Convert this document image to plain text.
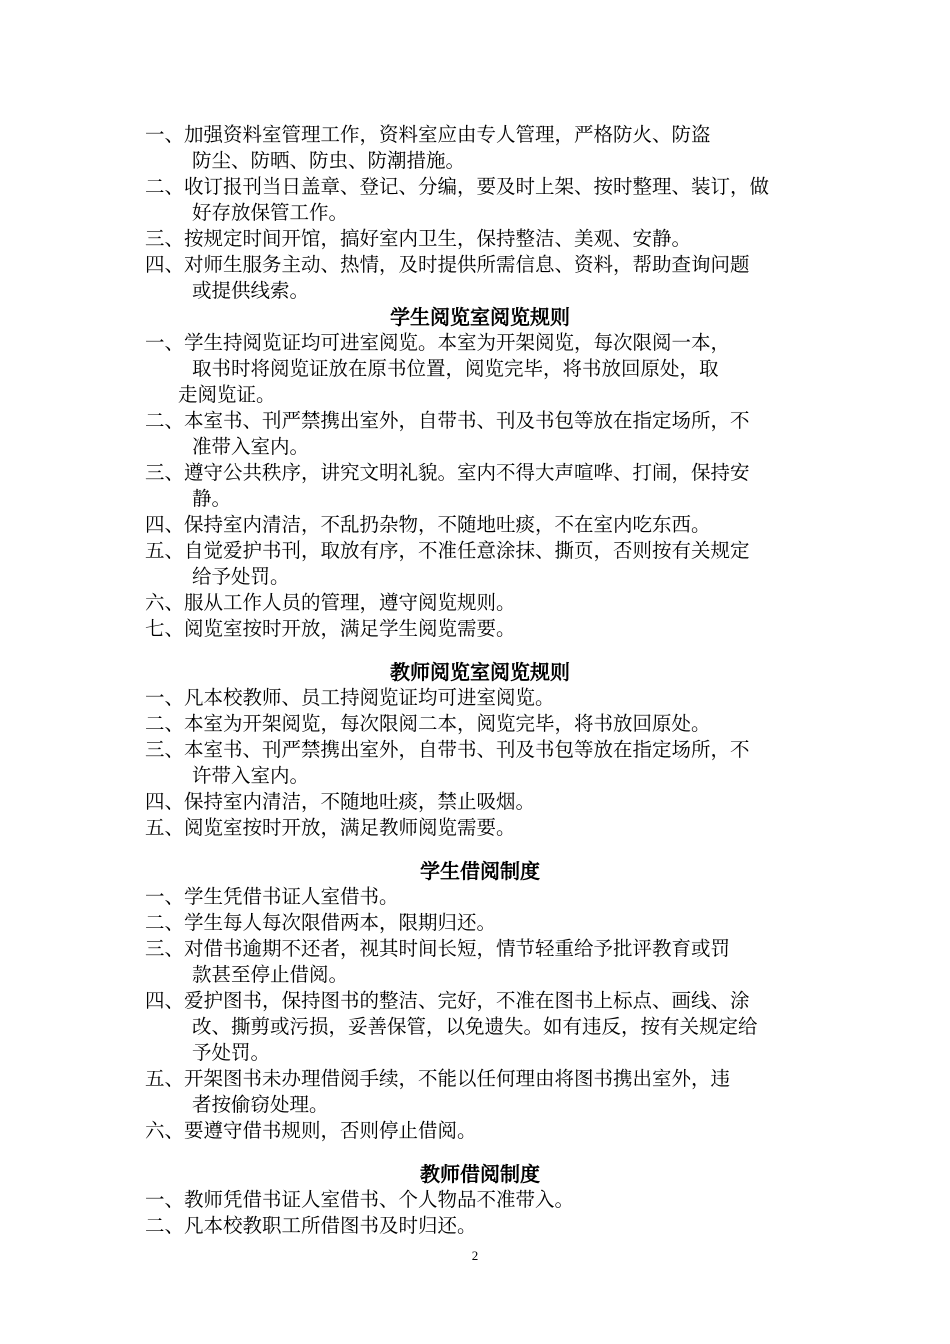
一、加强资料室管理工作，资料室应由专人管理，严格防火、防盗

防尘、防晒、防虫、防潮措施。

二、收订报刊当日盖章、登记、分编，要及时上架、按时整理、装订，做

好存放保管工作。

三、按规定时间开馆，搞好室内卫生，保持整洁、美观、安静。

四、对师生服务主动、热情，及时提供所需信息、资料，帮助查询问题

或提供线索。

学生阅览室阅览规则

一、学生持阅览证均可进室阅览。本室为开架阅览，每次限阅一本，

取书时将阅览证放在原书位置，阅览完毕，将书放回原处，取

走阅览证。

二、本室书、刊严禁携出室外，自带书、刊及书包等放在指定场所，不

准带入室内。

三、遵守公共秩序，讲究文明礼貌。室内不得大声喧哗、打闹，保持安

静。

四、保持室内清洁，不乱扔杂物，不随地吐痰，不在室内吃东西。

五、自觉爱护书刊，取放有序，不准任意涂抹、撕页，否则按有关规定

给予处罚。

六、服从工作人员的管理，遵守阅览规则。

七、阅览室按时开放，满足学生阅览需要。

教师阅览室阅览规则

一、凡本校教师、员工持阅览证均可进室阅览。

二、本室为开架阅览，每次限阅二本，阅览完毕，将书放回原处。

三、本室书、刊严禁携出室外，自带书、刊及书包等放在指定场所，不

许带入室内。

四、保持室内清洁，不随地吐痰，禁止吸烟。

五、阅览室按时开放，满足教师阅览需要。

学生借阅制度

一、学生凭借书证人室借书。

二、学生每人每次限借两本，限期归还。

三、对借书逾期不还者，视其时间长短，情节轻重给予批评教育或罚

款甚至停止借阅。

四、爱护图书，保持图书的整洁、完好，不准在图书上标点、画线、涂

改、撕剪或污损，妥善保管，以免遗失。如有违反，按有关规定给

予处罚。

五、开架图书未办理借阅手续，不能以任何理由将图书携出室外，违

者按偷窃处理。

六、要遵守借书规则，否则停止借阅。

教师借阅制度

一、教师凭借书证人室借书、个人物品不准带入。

二、凡本校教职工所借图书及时归还。

2
